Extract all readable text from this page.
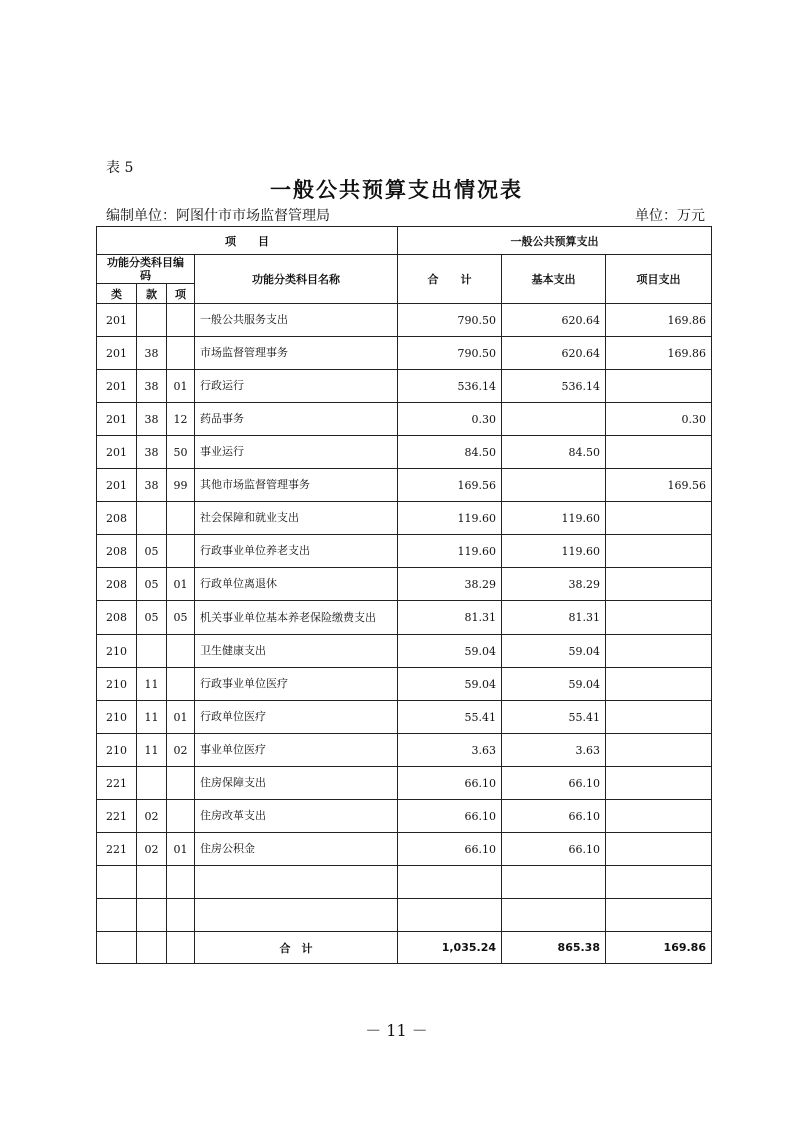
表 5
一般公共预算支出情况表
编制单位：阿图什市市场监督管理局	单位：万元
项　　目				一般公共预算支出		
功能分类科目编码			功能分类科目名称	合　　计	基本支出	项目支出
类	款	项				
201			一般公共服务支出	790.50	620.64	169.86
201	38		市场监督管理事务	790.50	620.64	169.86
201	38	01	行政运行	536.14	536.14	
201	38	12	药品事务	0.30		0.30
201	38	50	事业运行	84.50	84.50	
201	38	99	其他市场监督管理事务	169.56		169.56
208			社会保障和就业支出	119.60	119.60	
208	05		行政事业单位养老支出	119.60	119.60	
208	05	01	行政单位离退休	38.29	38.29	
208	05	05	机关事业单位基本养老保险缴费支出	81.31	81.31	
210			卫生健康支出	59.04	59.04	
210	11		行政事业单位医疗	59.04	59.04	
210	11	01	行政单位医疗	55.41	55.41	
210	11	02	事业单位医疗	3.63	3.63	
221			住房保障支出	66.10	66.10	
221	02		住房改革支出	66.10	66.10	
221	02	01	住房公积金	66.10	66.10	

			合　计	1,035.24	865.38	169.86
－ 11 －
